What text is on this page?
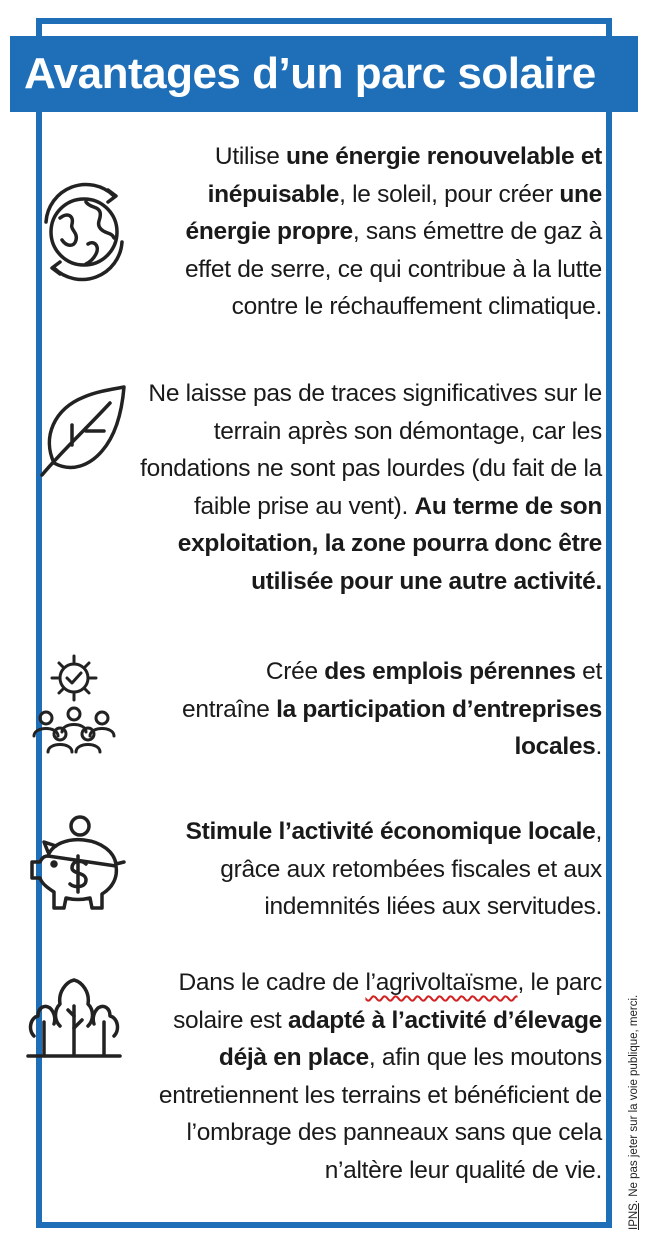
Avantages d’un parc solaire
Utilise une énergie renouvelable et inépuisable, le soleil, pour créer une énergie propre, sans émettre de gaz à effet de serre, ce qui contribue à la lutte contre le réchauffement climatique.
Ne laisse pas de traces significatives sur le terrain après son démontage, car les fondations ne sont pas lourdes (du fait de la faible prise au vent). Au terme de son exploitation, la zone pourra donc être utilisée pour une autre activité.
Crée des emplois pérennes et entraîne la participation d’entreprises locales.
Stimule l’activité économique locale, grâce aux retombées fiscales et aux indemnités liées aux servitudes.
Dans le cadre de l’agrivoltaïsme, le parc solaire est adapté à l’activité d’élevage déjà en place, afin que les moutons entretiennent les terrains et bénéficient de l’ombrage des panneaux sans que cela n’altère leur qualité de vie.
IPNS. Ne pas jeter sur la voie publique, merci.
